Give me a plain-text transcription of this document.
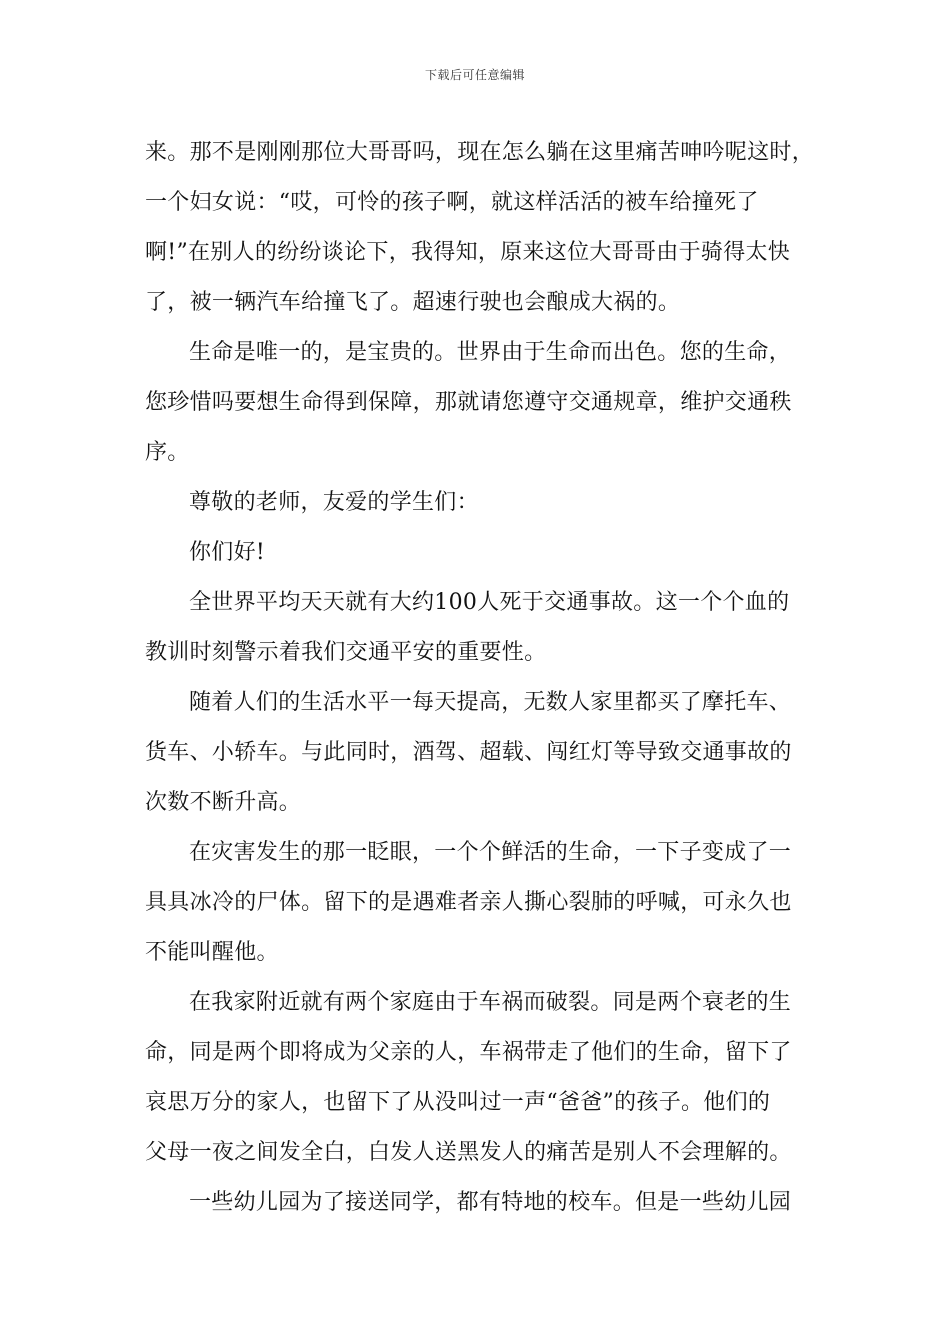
下载后可任意编辑
来。那不是刚刚那位大哥哥吗，现在怎么躺在这里痛苦呻吟呢这时，
一个妇女说：“哎，可怜的孩子啊，就这样活活的被车给撞死了
啊!”在别人的纷纷谈论下，我得知，原来这位大哥哥由于骑得太快
了，被一辆汽车给撞飞了。超速行驶也会酿成大祸的。
生命是唯一的，是宝贵的。世界由于生命而出色。您的生命，
您珍惜吗要想生命得到保障，那就请您遵守交通规章，维护交通秩
序。
尊敬的老师，友爱的学生们：
你们好!
全世界平均天天就有大约100人死于交通事故。这一个个血的
教训时刻警示着我们交通平安的重要性。
随着人们的生活水平一每天提高，无数人家里都买了摩托车、
货车、小轿车。与此同时，酒驾、超载、闯红灯等导致交通事故的
次数不断升高。
在灾害发生的那一眨眼，一个个鲜活的生命，一下子变成了一
具具冰冷的尸体。留下的是遇难者亲人撕心裂肺的呼喊，可永久也
不能叫醒他。
在我家附近就有两个家庭由于车祸而破裂。同是两个衰老的生
命，同是两个即将成为父亲的人，车祸带走了他们的生命，留下了
哀思万分的家人，也留下了从没叫过一声“爸爸”的孩子。他们的
父母一夜之间发全白，白发人送黑发人的痛苦是别人不会理解的。
一些幼儿园为了接送同学，都有特地的校车。但是一些幼儿园
